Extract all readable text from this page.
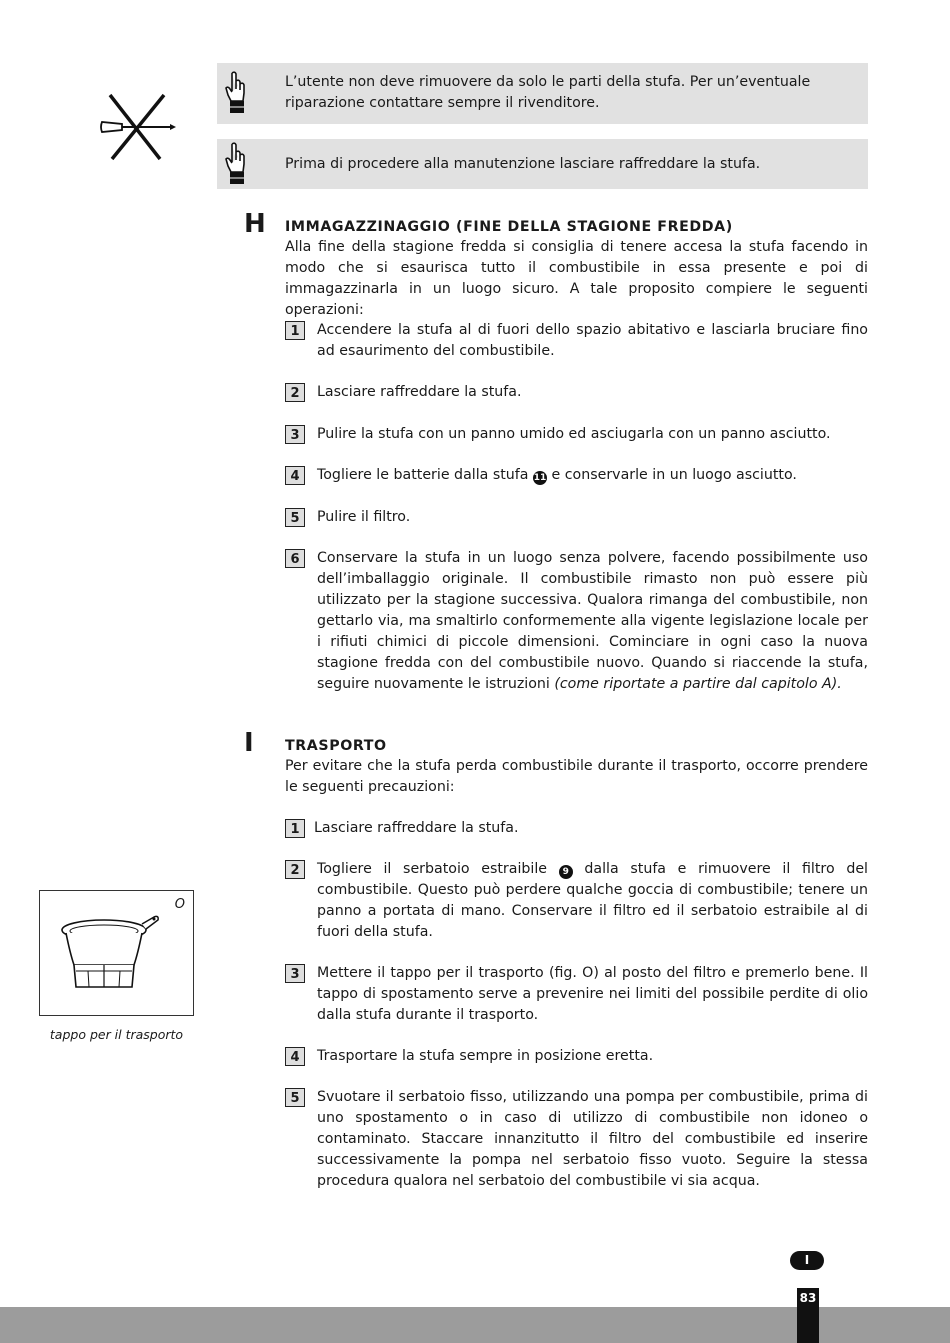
L’utente non deve rimuovere da solo le parti della stufa. Per un’eventuale riparazione contattare sempre il rivenditore.
Prima di procedere alla manutenzione lasciare raffreddare la stufa.
H IMMAGAZZINAGGIO (FINE DELLA STAGIONE FREDDA)
Alla fine della stagione fredda si consiglia di tenere accesa la stufa facendo in modo che si esaurisca tutto il combustibile in essa presente e poi di immagazzinarla in un luogo sicuro. A tale proposito compiere le seguenti operazioni:
1	Accendere la stufa al di fuori dello spazio abitativo e lasciarla bruciare fino ad esaurimento del combustibile.
2	Lasciare raffreddare la stufa.
3	Pulire la stufa con un panno umido ed asciugarla con un panno asciutto.
4	Togliere le batterie dalla stufa 11 e conservarle in un luogo asciutto.
5	Pulire il filtro.
6	Conservare la stufa in un luogo senza polvere, facendo possibilmente uso dell’imballaggio originale. Il combustibile rimasto non può essere più utilizzato per la stagione successiva. Qualora rimanga del combustibile, non gettarlo via, ma smaltirlo conformemente alla vigente legislazione locale per i rifiuti chimici di piccole dimensioni. Cominciare in ogni caso la nuova stagione fredda con del combustibile nuovo. Quando si riaccende la stufa, seguire nuovamente le istruzioni (come riportate a partire dal capitolo A).
I TRASPORTO
Per evitare che la stufa perda combustibile durante il trasporto, occorre prendere le seguenti precauzioni:
1	Lasciare raffreddare la stufa.
2	Togliere il serbatoio estraibile 9 dalla stufa e rimuovere il filtro del combustibile. Questo può perdere qualche goccia di combustibile; tenere un panno a portata di mano. Conservare il filtro ed il serbatoio estraibile al di fuori della stufa.
3	Mettere il tappo per il trasporto (fig. O) al posto del filtro e premerlo bene. Il tappo di spostamento serve a prevenire nei limiti del possibile perdite di olio dalla stufa durante il trasporto.
4	Trasportare la stufa sempre in posizione eretta.
5	Svuotare il serbatoio fisso, utilizzando una pompa per combustibile, prima di uno spostamento o in caso di utilizzo di combustibile non idoneo o contaminato. Staccare innanzitutto il filtro del combustibile ed inserire successivamente la pompa nel serbatoio fisso vuoto. Seguire la stessa procedura qualora nel serbatoio del combustibile vi sia acqua.
O
tappo per il trasporto
I
83
